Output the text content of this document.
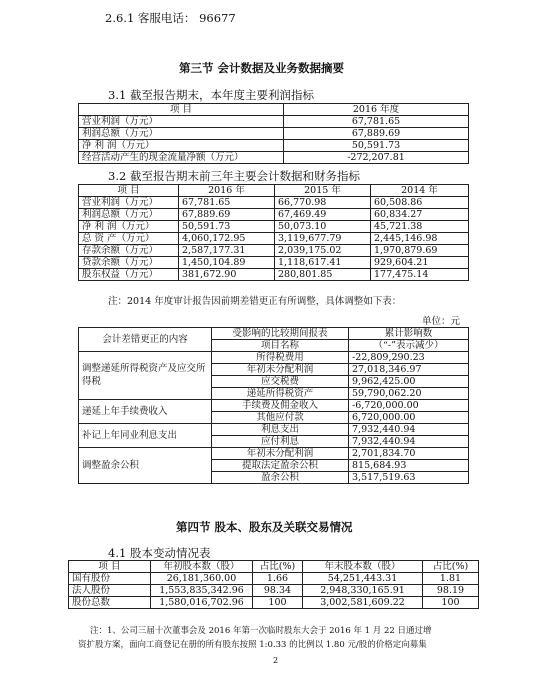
2.6.1 客服电话： 96677
第三节 会计数据及业务数据摘要
3.1 截至报告期末，本年度主要利润指标
项 目	2016 年度
营业利润（万元）	67,781.65
利润总额（万元）	67,889.69
净 利 润（万元）	50,591.73
经营活动产生的现金流量净额（万元）	-272,207.81
3.2 截至报告期末前三年主要会计数据和财务指标
项 目	2016 年	2015 年	2014 年
营业利润（万元）	67,781.65	66,770.98	60,508.86
利润总额（万元）	67,889.69	67,469.49	60,834.27
净 利 润（万元）	50,591.73	50,073.10	45,721.38
总 资 产（万元）	4,060,172.95	3,119,677.79	2,445,146.98
存款余额（万元）	2,587,177.31	2,039,175.02	1,970,879.69
贷款余额（万元）	1,450,104.89	1,118,617.41	929,604.21
股东权益（万元）	381,672.90	280,801.85	177,475.14
注：2014 年度审计报告因前期差错更正有所调整，具体调整如下表：
单位：元
会计差错更正的内容	受影响的比较期间报表	累计影响数
	项目名称	（“-”表示减少）
调整递延所得税资产及应交所得税	所得税费用	-22,809,290.23
	年初未分配利润	27,018,346.97
	应交税费	9,962,425.00
	递延所得税资产	59,790,062.20
递延上年手续费收入	手续费及佣金收入	-6,720,000.00
	其他应付款	6,720,000.00
补记上年同业利息支出	利息支出	7,932,440.94
	应付利息	7,932,440.94
调整盈余公积	年初未分配利润	2,701,834.70
	提取法定盈余公积	815,684.93
	盈余公积	3,517,519.63
第四节 股本、股东及关联交易情况
4.1 股本变动情况表
项 目	年初股本数（股）	占比(%)	年末股本数（股）	占比(%)
国有股份	26,181,360.00	1.66	54,251,443.31	1.81
法人股份	1,553,835,342.96	98.34	2,948,330,165.91	98.19
股份总数	1,580,016,702.96	100	3,002,581,609.22	100
注：1、公司三届十次董事会及 2016 年第一次临时股东大会于 2016 年 1 月 22 日通过增
资扩股方案，面向工商登记在册的所有股东按照 1:0.33 的比例以 1.80 元/股的价格定向募集
2
